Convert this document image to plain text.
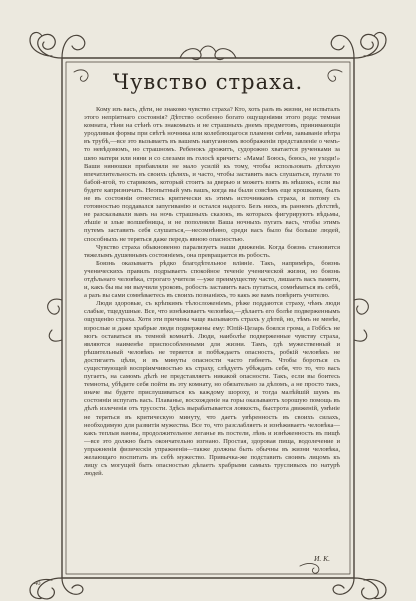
Чувство страха.

Кому изъ васъ, дѣти, не знакомо чувство страха? Кто, хоть разъ въ жизни, не испыталъ этого непріятнаго состоянія? Дѣтство особенно богато ощущеніями этого рода: темная комната, тѣни на стѣнѣ отъ знакомыхъ и не страшныхъ днемъ предметовъ, принимающія уродливыя формы при свѣтѣ ночника или колеблющагося пламени свѣчи, завываніе вѣтра въ трубѣ,—все это вызываетъ въ вашемъ напуганномъ воображеніи представленіе о чемъ-то невѣдомомъ, но страшномъ. Ребенокъ дрожитъ, судорожно хватается рученками за шею матери или няни и со слезами въ голосѣ кричитъ: «Мама! Боюсь, боюсь, не уходи!» Ваши нянюшки прибавляли не мало усилій къ тому, чтобы использовать дѣтскую впечатлительность въ своихъ цѣляхъ, и часто, чтобы заставить васъ слушаться, пугали то бабой-ягой, то старикомъ, который стоитъ за дверью и можетъ взять въ мѣшокъ, если вы будете капризничать. Неопытный умъ вашъ, когда вы были совсѣмъ еще крошками, былъ не въ состояніи отнестись критически къ этимъ источникамъ страха, и потому съ готовностью поддавался запугиванію и остался надолго. Безъ нихъ, въ раннемъ дѣтствѣ, не разсказывали вамъ на ночь страшныхъ сказокъ, въ которыхъ фигурируютъ вѣдьмы, лѣшіе и злые волшебницы, и не пополняли Ваша ночныхъ пугать васъ, чтобы этимъ путемъ заставить себя слушаться,—несомнѣнно, среди васъ было бы больше людей, способныхъ не теряться даже передъ явною опасностью.

Чувство страха обыкновенно парализуетъ наши движенія. Когда боязнь становится тяжелымъ душевнымъ состояніемъ, она превращается въ робость.

Боязнь оказываетъ рѣдко благодѣтельное вліяніе. Такъ, напримѣръ, боязнь ученическихъ правилъ подрываетъ спокойное теченіе ученической жизни, но боязнь отдѣльнаго человѣка, строгаго учителя —уже преимуществу часто, лишаетъ васъ памяти, и, какъ бы вы ни выучили уроковъ, робость заставитъ васъ путаться, сомнѣваться въ себѣ, а разъ вы сами сомнѣваетесь въ своихъ познаніяхъ, то какъ же вамъ повѣрить учителю.

Люди здоровые, съ крѣпкимъ тѣлосложеніемъ, рѣже поддаются страху, чѣмъ люди слабые, тщедушные. Все, что изнѣживаетъ человѣка,—дѣлаетъ его болѣе подверженнымъ ощущенію страха. Хотя эти причины чаще вызываютъ страхъ у дѣтей, но, тѣмъ не менѣе, взрослые и даже храбрые люди подвержены ему: Юлій-Цезарь боялся грома, а Гоббсъ не могъ оставаться въ темной комнатѣ. Люди, наиболѣе подверженные чувству страха, являются наименѣе приспособленными для жизни. Тамъ, гдѣ мужественный и рѣшительный человѣкъ не теряется и побѣждаетъ опасность, робкій человѣкъ не достигаетъ цѣли, и въ минуты опасности часто гибнетъ. Чтобы бороться съ существующей воспріимчивостью къ страху, слѣдуетъ убѣждать себя, что то, что васъ пугаетъ, на самомъ дѣлѣ не представляетъ никакой опасности. Такъ, если вы боитесь темноты, убѣдите себя пойти въ эту комнату, но обязательно за дѣломъ, а не просто такъ, иначе вы будете прислушиваться къ каждому шороху, и тогда малѣйшій шумъ въ состояніи испугать васъ. Плаванье, восхожденіе на горы оказываютъ хорошую помощь въ дѣлѣ излеченія отъ трусости. Здѣсь вырабатывается ловкость, быстрота движеній, умѣніе не теряться въ критическую минуту, что даетъ увѣренность въ своихъ силахъ, необходимую для развитія мужества. Все то, что разслабляетъ и изнѣживаетъ человѣка—какъ теплыя ванны, продолжительное леганье въ постели, лѣнь и изнѣженность въ пищѣ—все это должно быть окончательно изгнано. Простая, здоровая пища, водолечение и упражненія физическія упражненія—также должны быть обычны въ жизни человѣка, желающаго воспитать въ себѣ мужество. Привычка-же подставить своимъ лицомъ къ лицу съ могущей быть опасностью дѣлаетъ храбрыми самыхъ трусливыхъ по натурѣ людей.

И. К.
40
